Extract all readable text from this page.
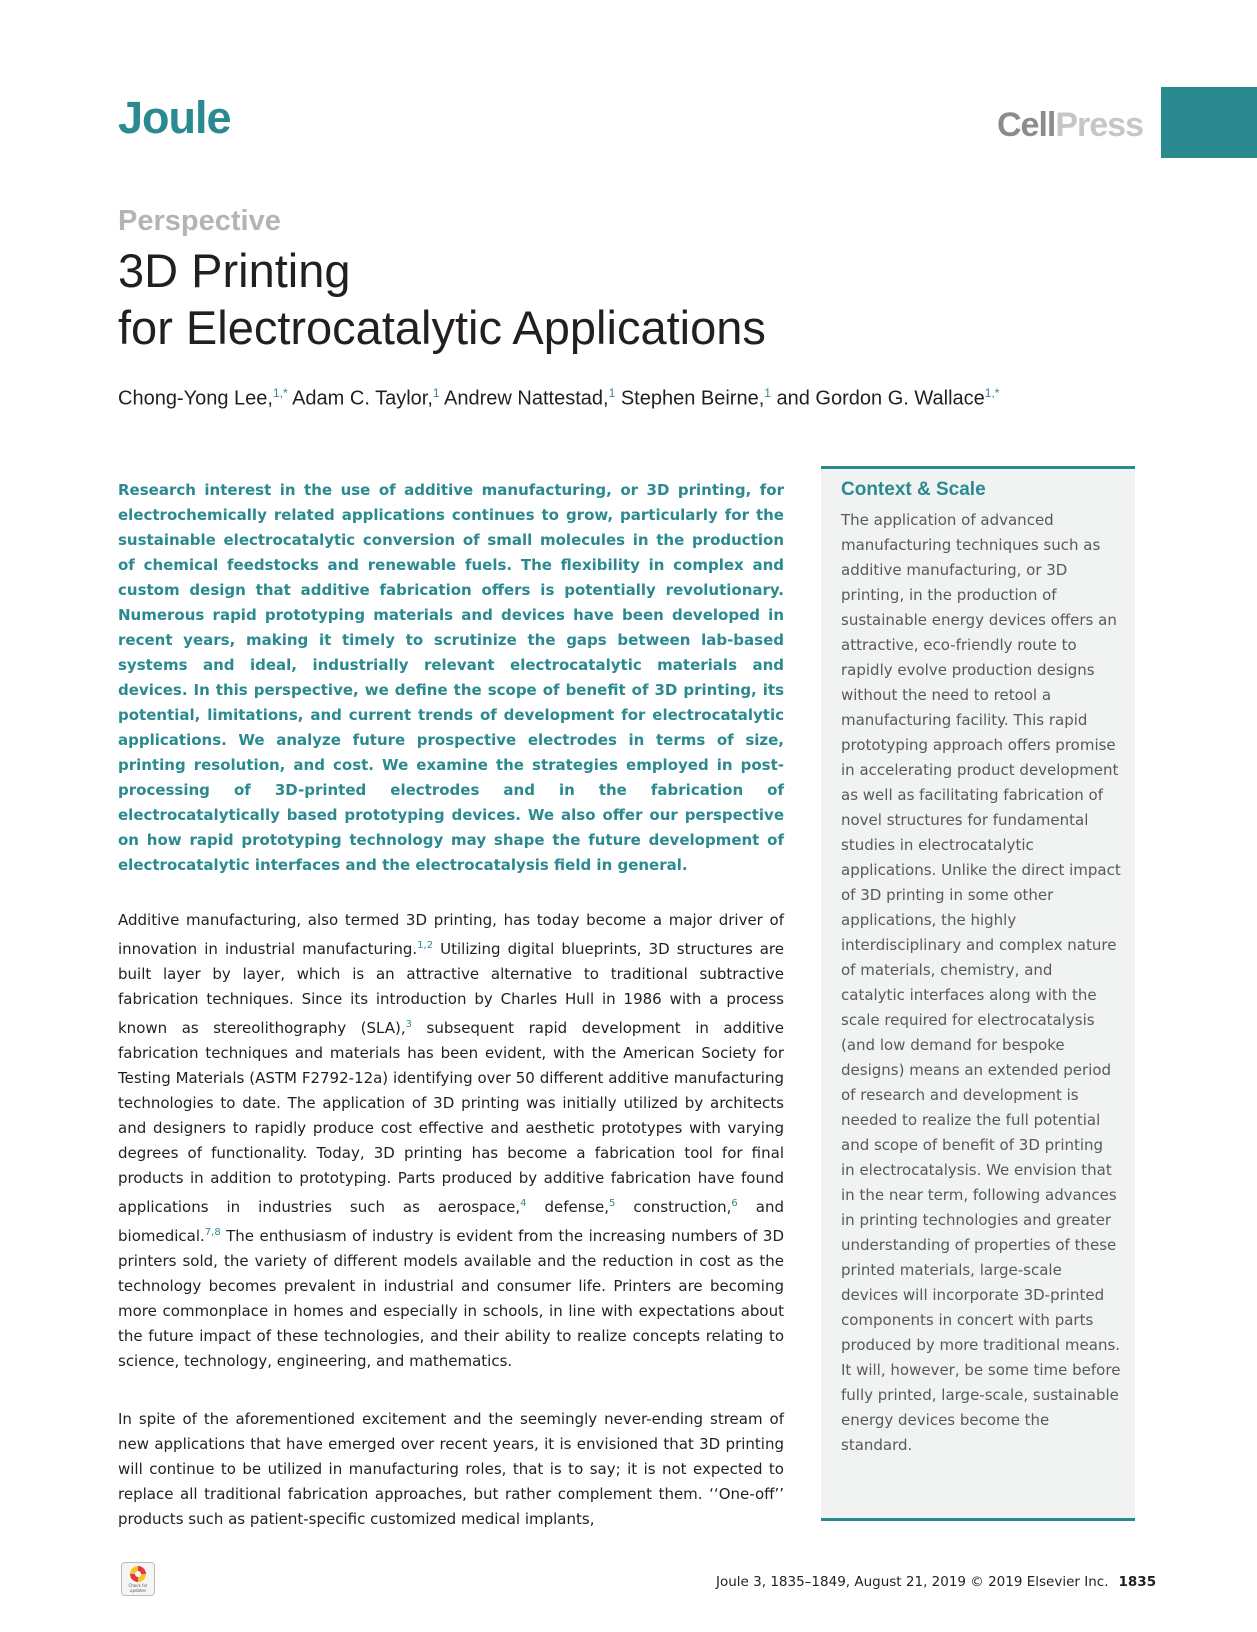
Joule	CellPress
Perspective
3D Printing
for Electrocatalytic Applications
Chong-Yong Lee,$^{1,*}$ Adam C. Taylor,$^1$ Andrew Nattestad,$^1$ Stephen Beirne,$^1$ and Gordon G. Wallace$^{1,*}$

Research interest in the use of additive manufacturing, or 3D printing, for electrochemically related applications continues to grow, particularly for the sustainable electrocatalytic conversion of small molecules in the production of chemical feedstocks and renewable fuels. The flexibility in complex and custom design that additive fabrication offers is potentially revolutionary. Numerous rapid prototyping materials and devices have been developed in recent years, making it timely to scrutinize the gaps between lab-based systems and ideal, industrially relevant electrocatalytic materials and devices. In this perspective, we define the scope of benefit of 3D printing, its potential, limitations, and current trends of development for electrocatalytic applications. We analyze future prospective electrodes in terms of size, printing resolution, and cost. We examine the strategies employed in post-processing of 3D-printed electrodes and in the fabrication of electrocatalytically based prototyping devices. We also offer our perspective on how rapid prototyping technology may shape the future development of electrocatalytic interfaces and the electrocatalysis field in general.

Additive manufacturing, also termed 3D printing, has today become a major driver of innovation in industrial manufacturing.$^{1,2}$ Utilizing digital blueprints, 3D structures are built layer by layer, which is an attractive alternative to traditional subtractive fabrication techniques. Since its introduction by Charles Hull in 1986 with a process known as stereolithography (SLA),$^3$ subsequent rapid development in additive fabrication techniques and materials has been evident, with the American Society for Testing Materials (ASTM F2792-12a) identifying over 50 different additive manufacturing technologies to date. The application of 3D printing was initially utilized by architects and designers to rapidly produce cost effective and aesthetic prototypes with varying degrees of functionality. Today, 3D printing has become a fabrication tool for final products in addition to prototyping. Parts produced by additive fabrication have found applications in industries such as aerospace,$^4$ defense,$^5$ construction,$^6$ and biomedical.$^{7,8}$ The enthusiasm of industry is evident from the increasing numbers of 3D printers sold, the variety of different models available and the reduction in cost as the technology becomes prevalent in industrial and consumer life. Printers are becoming more commonplace in homes and especially in schools, in line with expectations about the future impact of these technologies, and their ability to realize concepts relating to science, technology, engineering, and mathematics.

In spite of the aforementioned excitement and the seemingly never-ending stream of new applications that have emerged over recent years, it is envisioned that 3D printing will continue to be utilized in manufacturing roles, that is to say; it is not expected to replace all traditional fabrication approaches, but rather complement them. ‘‘One-off’’ products such as patient-specific customized medical implants,

Context & Scale

The application of advanced manufacturing techniques such as additive manufacturing, or 3D printing, in the production of sustainable energy devices offers an attractive, eco-friendly route to rapidly evolve production designs without the need to retool a manufacturing facility. This rapid prototyping approach offers promise in accelerating product development as well as facilitating fabrication of novel structures for fundamental studies in electrocatalytic applications. Unlike the direct impact of 3D printing in some other applications, the highly interdisciplinary and complex nature of materials, chemistry, and catalytic interfaces along with the scale required for electrocatalysis (and low demand for bespoke designs) means an extended period of research and development is needed to realize the full potential and scope of benefit of 3D printing in electrocatalysis. We envision that in the near term, following advances in printing technologies and greater understanding of properties of these printed materials, large-scale devices will incorporate 3D-printed components in concert with parts produced by more traditional means. It will, however, be some time before fully printed, large-scale, sustainable energy devices become the standard.

Check for updates
Joule 3, 1835–1849, August 21, 2019 © 2019 Elsevier Inc. 1835
